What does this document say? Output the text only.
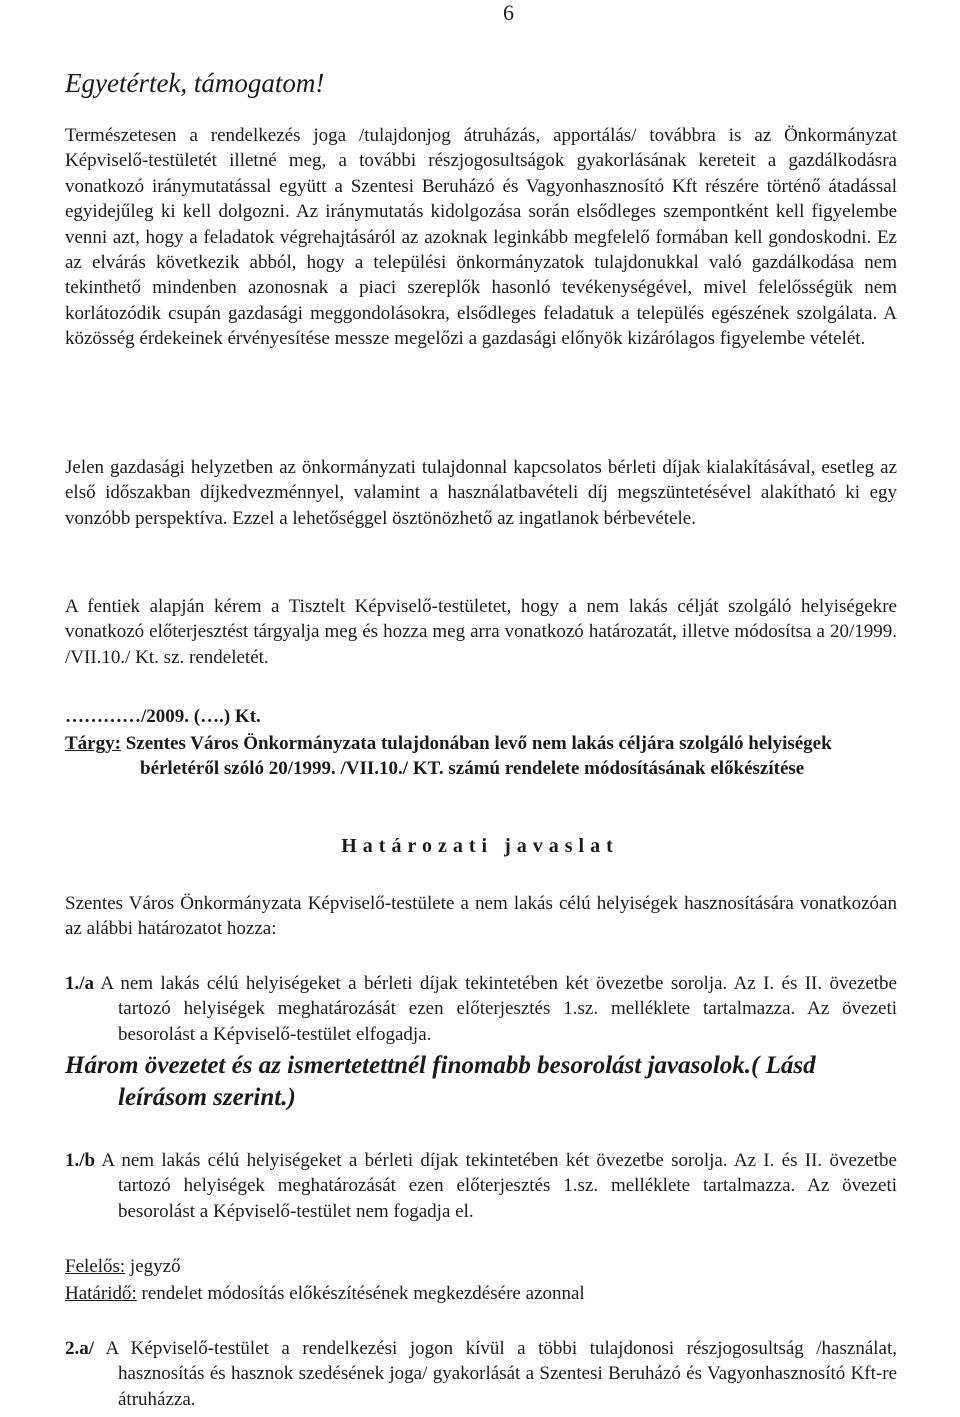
6
Egyetértek, támogatom!

Természetesen a rendelkezés joga /tulajdonjog átruházás, apportálás/ továbbra is az Önkormányzat Képviselő-testületét illetné meg, a további részjogosultságok gyakorlásának kereteit a gazdálkodásra vonatkozó iránymutatással együtt a Szentesi Beruházó és Vagyonhasznosító Kft részére történő átadással egyidejűleg ki kell dolgozni. Az iránymutatás kidolgozása során elsődleges szempontként kell figyelembe venni azt, hogy a feladatok végrehajtásáról az azoknak leginkább megfelelő formában kell gondoskodni. Ez az elvárás következik abból, hogy a települési önkormányzatok tulajdonukkal való gazdálkodása nem tekinthető mindenben azonosnak a piaci szereplők hasonló tevékenységével, mivel felelősségük nem korlátozódik csupán gazdasági meggondolásokra, elsődleges feladatuk a település egészének szolgálata. A közösség érdekeinek érvényesítése messze megelőzi a gazdasági előnyök kizárólagos figyelembe vételét.

Jelen gazdasági helyzetben az önkormányzati tulajdonnal kapcsolatos bérleti díjak kialakításával, esetleg az első időszakban díjkedvezménnyel, valamint a használatbavételi díj megszüntetésével alakítható ki egy vonzóbb perspektíva. Ezzel a lehetőséggel ösztönözhető az ingatlanok bérbevétele.

A fentiek alapján kérem a Tisztelt Képviselő-testületet, hogy a nem lakás célját szolgáló helyiségekre vonatkozó előterjesztést tárgyalja meg és hozza meg arra vonatkozó határozatát, illetve módosítsa a 20/1999. /VII.10./ Kt. sz. rendeletét.

…………/2009. (….) Kt.
Tárgy: Szentes Város Önkormányzata tulajdonában levő nem lakás céljára szolgáló helyiségek bérletéről szóló 20/1999. /VII.10./ KT. számú rendelete módosításának előkészítése
Határozati javaslat

Szentes Város Önkormányzata Képviselő-testülete a nem lakás célú helyiségek hasznosítására vonatkozóan az alábbi határozatot hozza:

1./a A nem lakás célú helyiségeket a bérleti díjak tekintetében két övezetbe sorolja. Az I. és II. övezetbe tartozó helyiségek meghatározását ezen előterjesztés 1.sz. melléklete tartalmazza. Az övezeti besorolást a Képviselő-testület elfogadja.
Három övezetet és az ismertetettnél finomabb besorolást javasolok.( Lásd leírásom szerint.)
1./b A nem lakás célú helyiségeket a bérleti díjak tekintetében két övezetbe sorolja. Az I. és II. övezetbe tartozó helyiségek meghatározását ezen előterjesztés 1.sz. melléklete tartalmazza. Az övezeti besorolást a Képviselő-testület nem fogadja el.
Felelős: jegyző
Határidő: rendelet módosítás előkészítésének megkezdésére azonnal
2.a/ A Képviselő-testület a rendelkezési jogon kívül a többi tulajdonosi részjogosultság /használat, hasznosítás és hasznok szedésének joga/ gyakorlását a Szentesi Beruházó és Vagyonhasznosító Kft-re átruházza.
